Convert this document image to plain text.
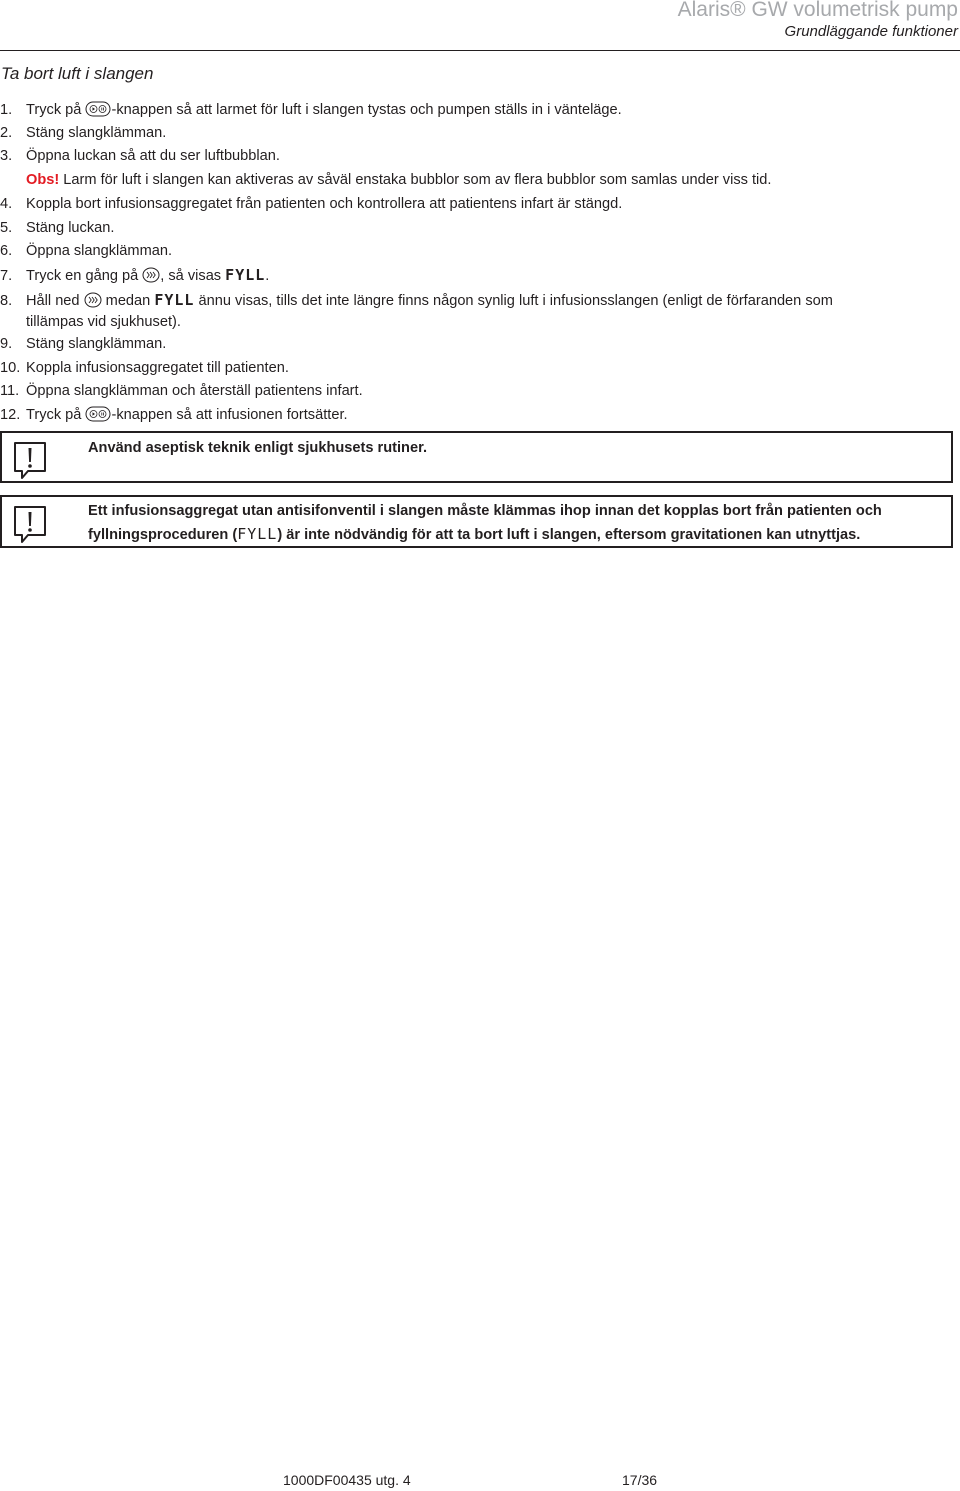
Alaris® GW volumetrisk pump
Grundläggande funktioner
Ta bort luft i slangen
1. Tryck på -knappen så att larmet för luft i slangen tystas och pumpen ställs in i vänteläge.
2. Stäng slangklämman.
3. Öppna luckan så att du ser luftbubblan.
Obs! Larm för luft i slangen kan aktiveras av såväl enstaka bubblor som av flera bubblor som samlas under viss tid.
4. Koppla bort infusionsaggregatet från patienten och kontrollera att patientens infart är stängd.
5. Stäng luckan.
6. Öppna slangklämman.
7. Tryck en gång på , så visas FYLL.
8. Håll ned  medan FYLL ännu visas, tills det inte längre finns någon synlig luft i infusionsslangen (enligt de förfaranden som
tillämpas vid sjukhuset).
9. Stäng slangklämman.
10. Koppla infusionsaggregatet till patienten.
11. Öppna slangklämman och återställ patientens infart.
12. Tryck på -knappen så att infusionen fortsätter.
Använd aseptisk teknik enligt sjukhusets rutiner.
Ett infusionsaggregat utan antisifonventil i slangen måste klämmas ihop innan det kopplas bort från patienten och
fyllningsproceduren (FYLL) är inte nödvändig för att ta bort luft i slangen, eftersom gravitationen kan utnyttjas.
1000DF00435 utg. 4	17/36
